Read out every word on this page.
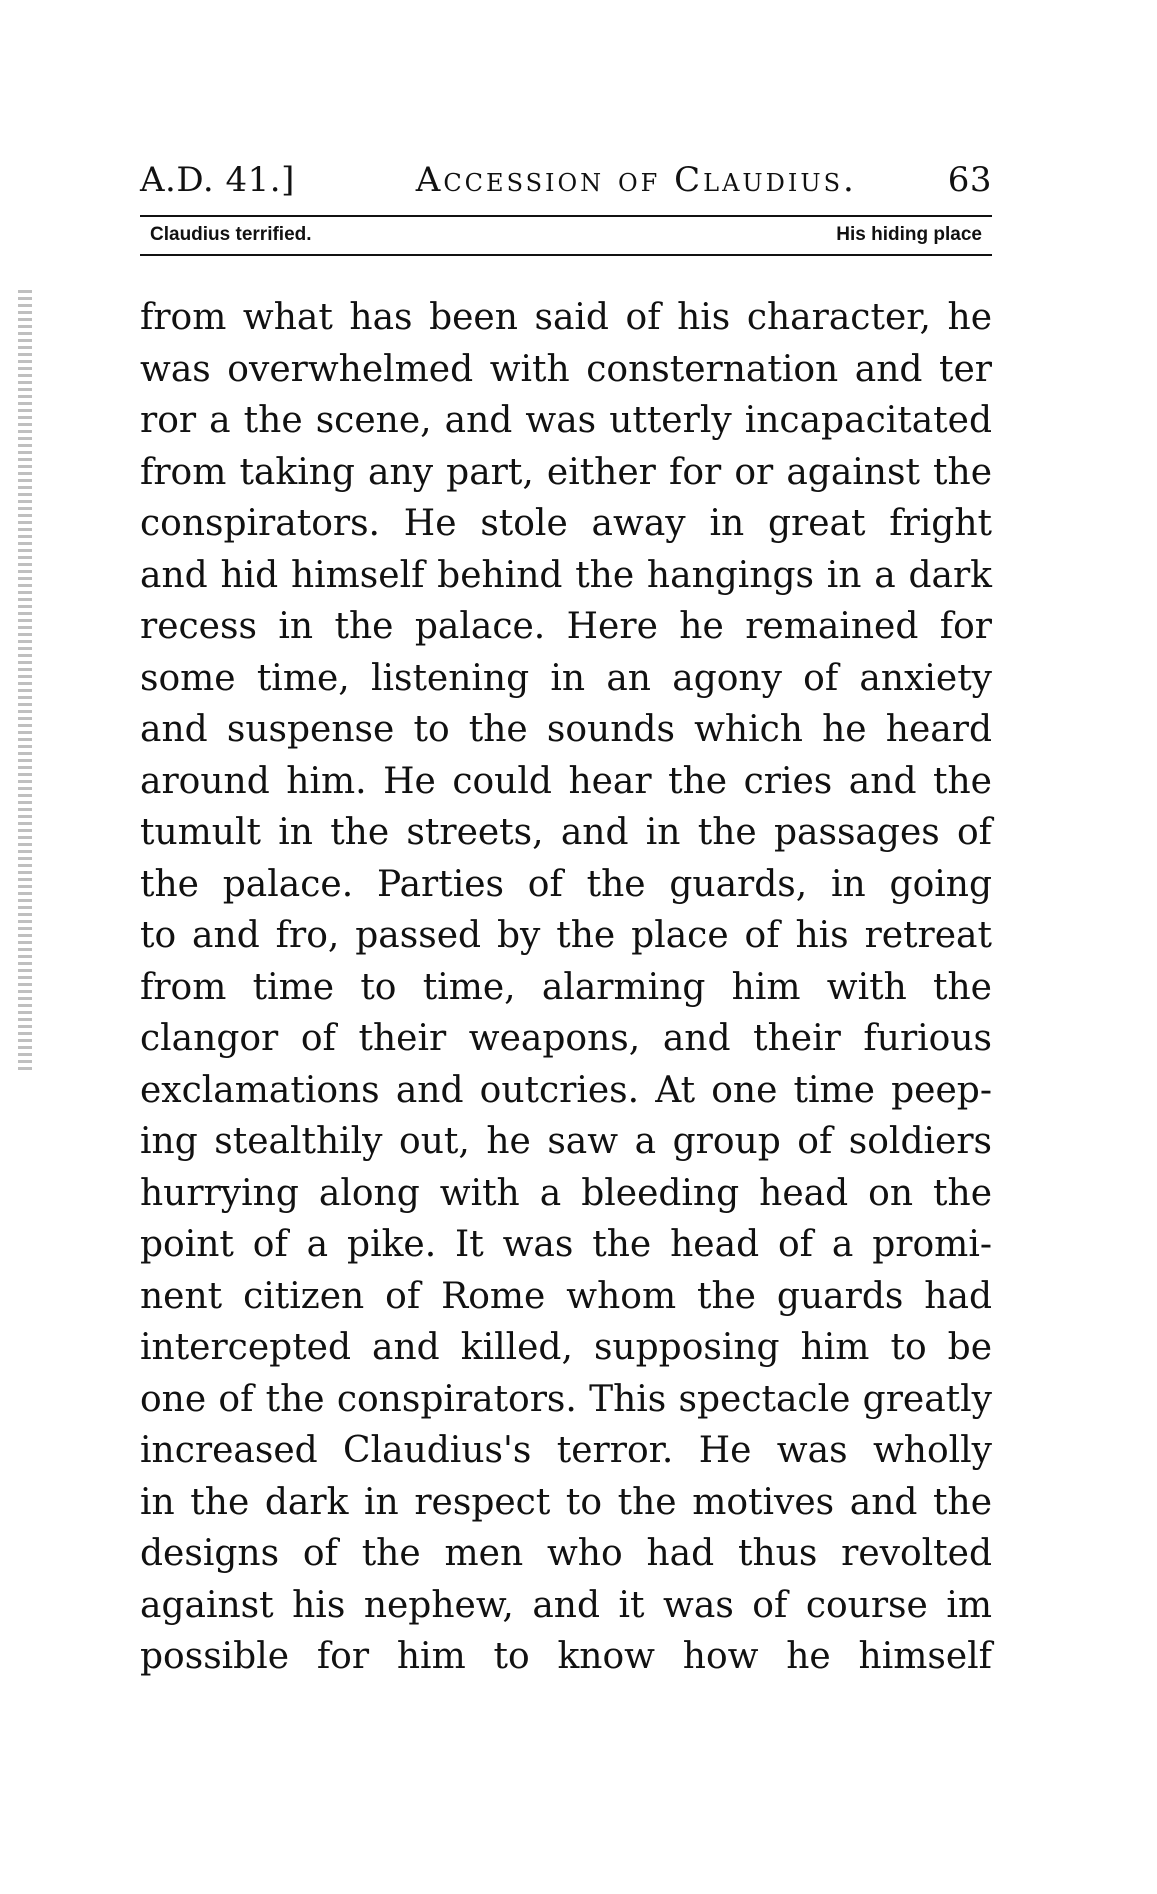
A.D. 41.]	Accession of Claudius.	63
Claudius terrified.	His hiding place
from what has been said of his character, he
was overwhelmed with consternation and ter
ror a the scene, and was utterly incapacitated
from taking any part, either for or against the
conspirators. He stole away in great fright
and hid himself behind the hangings in a dark
recess in the palace. Here he remained for
some time, listening in an agony of anxiety
and suspense to the sounds which he heard
around him. He could hear the cries and the
tumult in the streets, and in the passages of
the palace. Parties of the guards, in going
to and fro, passed by the place of his retreat
from time to time, alarming him with the
clangor of their weapons, and their furious
exclamations and outcries. At one time peep-
ing stealthily out, he saw a group of soldiers
hurrying along with a bleeding head on the
point of a pike. It was the head of a promi-
nent citizen of Rome whom the guards had
intercepted and killed, supposing him to be
one of the conspirators. This spectacle greatly
increased Claudius's terror. He was wholly
in the dark in respect to the motives and the
designs of the men who had thus revolted
against his nephew, and it was of course im
possible for him to know how he himself
